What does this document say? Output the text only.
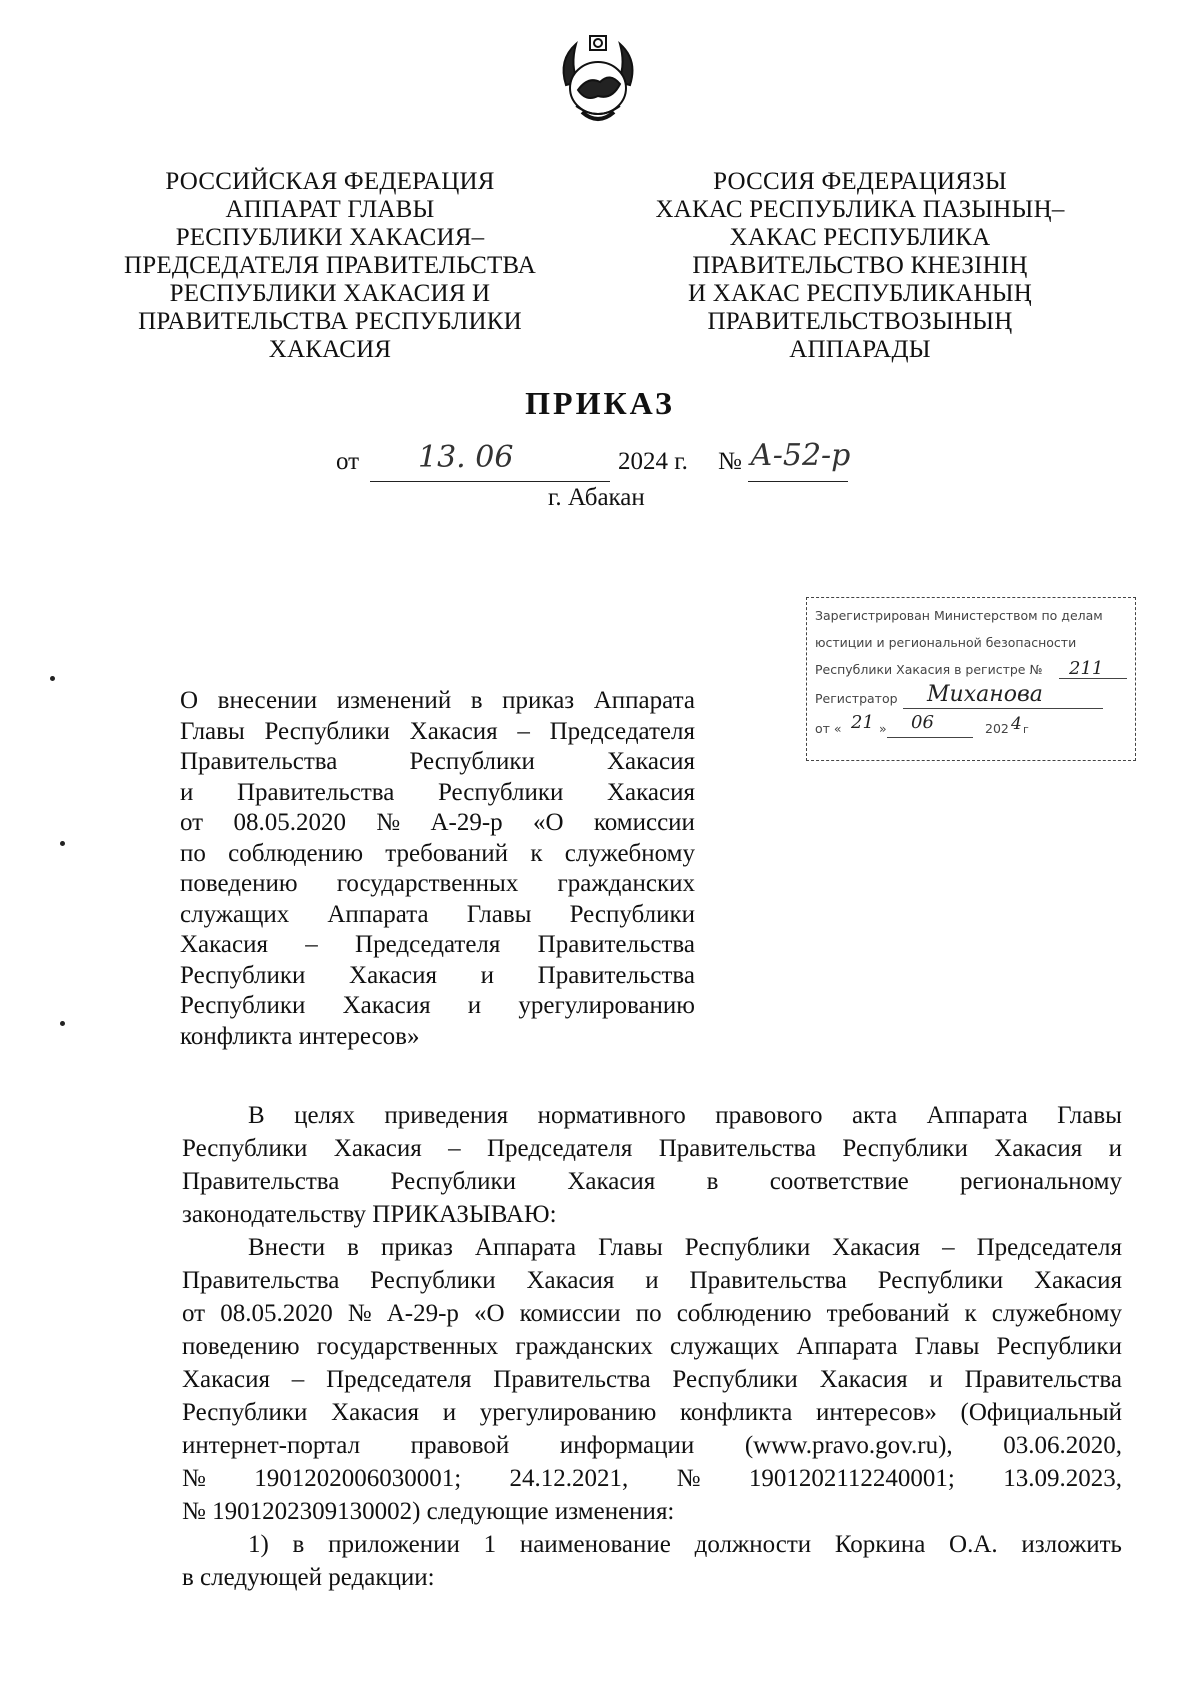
РОССИЙСКАЯ ФЕДЕРАЦИЯ
АППАРАТ ГЛАВЫ
РЕСПУБЛИКИ ХАКАСИЯ–
ПРЕДСЕДАТЕЛЯ ПРАВИТЕЛЬСТВА
РЕСПУБЛИКИ ХАКАСИЯ И
ПРАВИТЕЛЬСТВА РЕСПУБЛИКИ
ХАКАСИЯ
РОССИЯ ФЕДЕРАЦИЯЗЫ
ХАКАС РЕСПУБЛИКА ПАЗЫНЫҢ–
ХАКАС РЕСПУБЛИКА
ПРАВИТЕЛЬСТВО КНЕЗIНIҢ
И ХАКАС РЕСПУБЛИКАНЫҢ
ПРАВИТЕЛЬСТВОЗЫНЫҢ
АППАРАДЫ
ПРИКАЗ
от 13. 06	2024 г. № А-52-р
г. Абакан
Зарегистрирован Министерством по делам
юстиции и региональной безопасности
Республики Хакасия в регистре № 211
Регистратор Миханова
от « 21 » 06	202 4 г
О внесении изменений в приказ Аппарата
Главы Республики Хакасия – Председателя
Правительства	Республики	Хакасия
и Правительства Республики Хакасия
от 08.05.2020 № А-29-р «О комиссии
по соблюдению требований к служебному
поведению государственных гражданских
служащих Аппарата Главы Республики
Хакасия – Председателя Правительства
Республики Хакасия и Правительства
Республики Хакасия и урегулированию
конфликта интересов»
В целях приведения нормативного правового акта Аппарата Главы
Республики Хакасия – Председателя Правительства Республики Хакасия и
Правительства Республики Хакасия в соответствие региональному
законодательству ПРИКАЗЫВАЮ:
Внести в приказ Аппарата Главы Республики Хакасия – Председателя
Правительства Республики Хакасия и Правительства Республики Хакасия
от 08.05.2020 № А-29-р «О комиссии по соблюдению требований к служебному
поведению государственных гражданских служащих Аппарата Главы Республики
Хакасия – Председателя Правительства Республики Хакасия и Правительства
Республики Хакасия и урегулированию конфликта интересов» (Официальный
интернет-портал правовой информации (www.pravo.gov.ru), 03.06.2020,
№ 1901202006030001; 24.12.2021, № 1901202112240001; 13.09.2023,
№ 1901202309130002) следующие изменения:
1) в приложении 1 наименование должности Коркина О.А. изложить
в следующей редакции:
